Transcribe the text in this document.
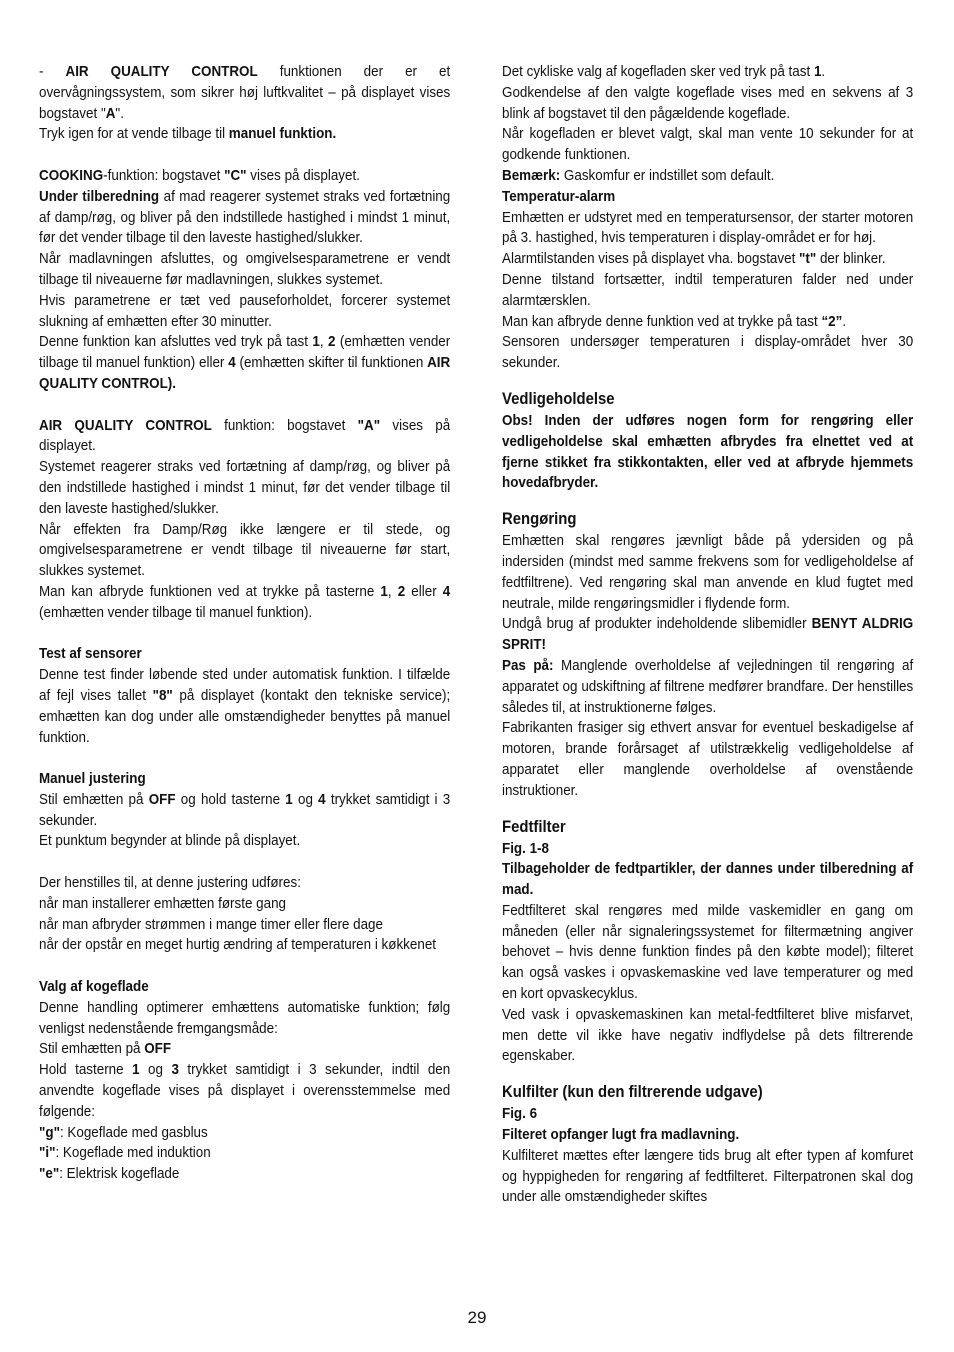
- AIR QUALITY CONTROL funktionen der er et overvågningssystem, som sikrer høj luftkvalitet – på displayet vises bogstavet "A".

Tryk igen for at vende tilbage til manuel funktion.

COOKING-funktion: bogstavet "C" vises på displayet.

Under tilberedning af mad reagerer systemet straks ved fortætning af damp/røg, og bliver på den indstillede hastighed i mindst 1 minut, før det vender tilbage til den laveste hastighed/slukker.

Når madlavningen afsluttes, og omgivelsesparametrene er vendt tilbage til niveauerne før madlavningen, slukkes systemet.

Hvis parametrene er tæt ved pauseforholdet, forcerer systemet slukning af emhætten efter 30 minutter.

Denne funktion kan afsluttes ved tryk på tast 1, 2 (emhætten vender tilbage til manuel funktion) eller 4 (emhætten skifter til funktionen AIR QUALITY CONTROL).

AIR QUALITY CONTROL funktion: bogstavet "A" vises på displayet.

Systemet reagerer straks ved fortætning af damp/røg, og bliver på den indstillede hastighed i mindst 1 minut, før det vender tilbage til den laveste hastighed/slukker.

Når effekten fra Damp/Røg ikke længere er til stede, og omgivelsesparametrene er vendt tilbage til niveauerne før start, slukkes systemet.

Man kan afbryde funktionen ved at trykke på tasterne 1, 2 eller 4 (emhætten vender tilbage til manuel funktion).

Test af sensorer

Denne test finder løbende sted under automatisk funktion. I tilfælde af fejl vises tallet "8" på displayet (kontakt den tekniske service); emhætten kan dog under alle omstændigheder benyttes på manuel funktion.

Manuel justering

Stil emhætten på OFF og hold tasterne 1 og 4 trykket samtidigt i 3 sekunder.

Et punktum begynder at blinde på displayet.

Der henstilles til, at denne justering udføres:

når man installerer emhætten første gang

når man afbryder strømmen i mange timer eller flere dage

når der opstår en meget hurtig ændring af temperaturen i køkkenet

Valg af kogeflade

Denne handling optimerer emhættens automatiske funktion; følg venligst nedenstående fremgangsmåde:

Stil emhætten på OFF

Hold tasterne 1 og 3 trykket samtidigt i 3 sekunder, indtil den anvendte kogeflade vises på displayet i overensstemmelse med følgende:

"g": Kogeflade med gasblus

"i": Kogeflade med induktion

"e": Elektrisk kogeflade

Det cykliske valg af kogefladen sker ved tryk på tast 1.

Godkendelse af den valgte kogeflade vises med en sekvens af 3 blink af bogstavet til den pågældende kogeflade.

Når kogefladen er blevet valgt, skal man vente 10 sekunder for at godkende funktionen.

Bemærk: Gaskomfur er indstillet som default.

Temperatur-alarm

Emhætten er udstyret med en temperatursensor, der starter motoren på 3. hastighed, hvis temperaturen i display-området er for høj.

Alarmtilstanden vises på displayet vha. bogstavet "t" der blinker.

Denne tilstand fortsætter, indtil temperaturen falder ned under alarmtærsklen.

Man kan afbryde denne funktion ved at trykke på tast “2”.

Sensoren undersøger temperaturen i display-området hver 30 sekunder.

Vedligeholdelse

Obs! Inden der udføres nogen form for rengøring eller vedligeholdelse skal emhætten afbrydes fra elnettet ved at fjerne stikket fra stikkontakten, eller ved at afbryde hjemmets hovedafbryder.

Rengøring

Emhætten skal rengøres jævnligt både på ydersiden og på indersiden (mindst med samme frekvens som for vedligeholdelse af fedtfiltrene). Ved rengøring skal man anvende en klud fugtet med neutrale, milde rengøringsmidler i flydende form.

Undgå brug af produkter indeholdende slibemidler BENYT ALDRIG SPRIT!

Pas på: Manglende overholdelse af vejledningen til rengøring af apparatet og udskiftning af filtrene medfører brandfare. Der henstilles således til, at instruktionerne følges.

Fabrikanten frasiger sig ethvert ansvar for eventuel beskadigelse af motoren, brande forårsaget af utilstrækkelig vedligeholdelse af apparatet eller manglende overholdelse af ovenstående instruktioner.

Fedtfilter

Fig. 1-8

Tilbageholder de fedtpartikler, der dannes under tilberedning af mad.

Fedtfilteret skal rengøres med milde vaskemidler en gang om måneden (eller når signaleringssystemet for filtermætning angiver behovet – hvis denne funktion findes på den købte model); filteret kan også vaskes i opvaskemaskine ved lave temperaturer og med en kort opvaskecyklus.

Ved vask i opvaskemaskinen kan metal-fedtfilteret blive misfarvet, men dette vil ikke have negativ indflydelse på dets filtrerende egenskaber.

Kulfilter (kun den filtrerende udgave)

Fig. 6

Filteret opfanger lugt fra madlavning.

Kulfilteret mættes efter længere tids brug alt efter typen af komfuret og hyppigheden for rengøring af fedtfilteret. Filterpatronen skal dog under alle omstændigheder skiftes

29
